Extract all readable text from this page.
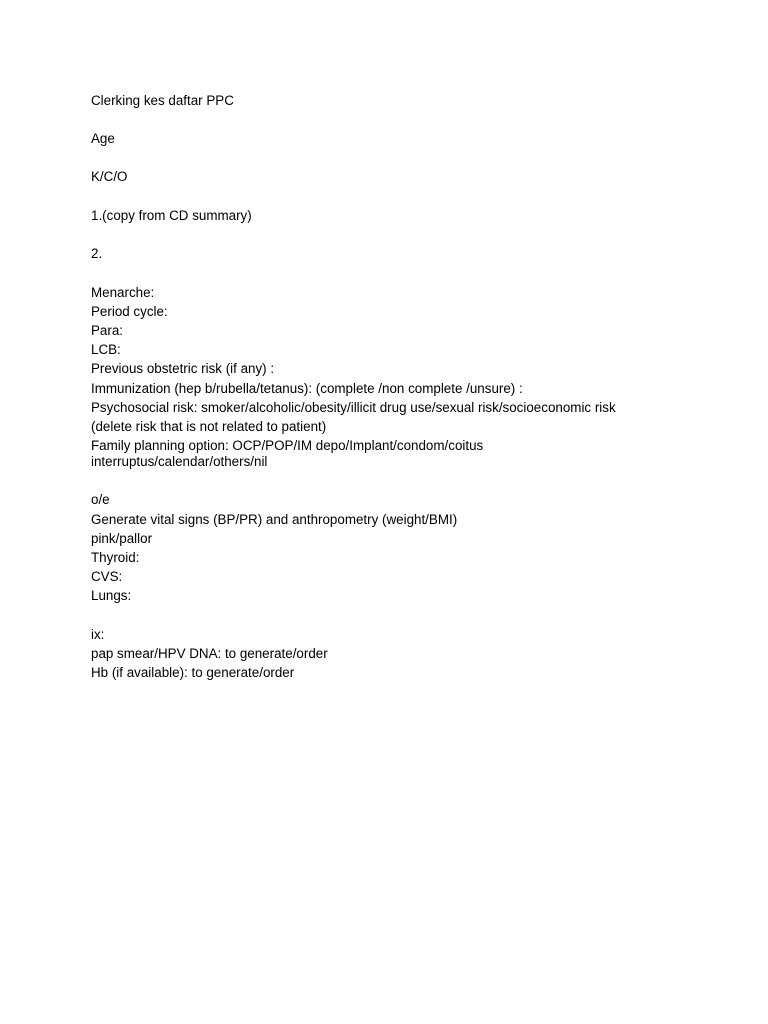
Clerking kes daftar PPC
Age
K/C/O
1.(copy from CD summary)
2.
Menarche:
Period cycle:
Para:
LCB:
Previous obstetric risk (if any) :
Immunization (hep b/rubella/tetanus): (complete /non complete /unsure) :
Psychosocial risk: smoker/alcoholic/obesity/illicit drug use/sexual risk/socioeconomic risk
(delete risk that is not related to patient)
Family planning option: OCP/POP/IM depo/Implant/condom/coitus
interruptus/calendar/others/nil
o/e
Generate vital signs (BP/PR) and anthropometry (weight/BMI)
pink/pallor
Thyroid:
CVS:
Lungs:
ix:
pap smear/HPV DNA: to generate/order
Hb (if available): to generate/order
